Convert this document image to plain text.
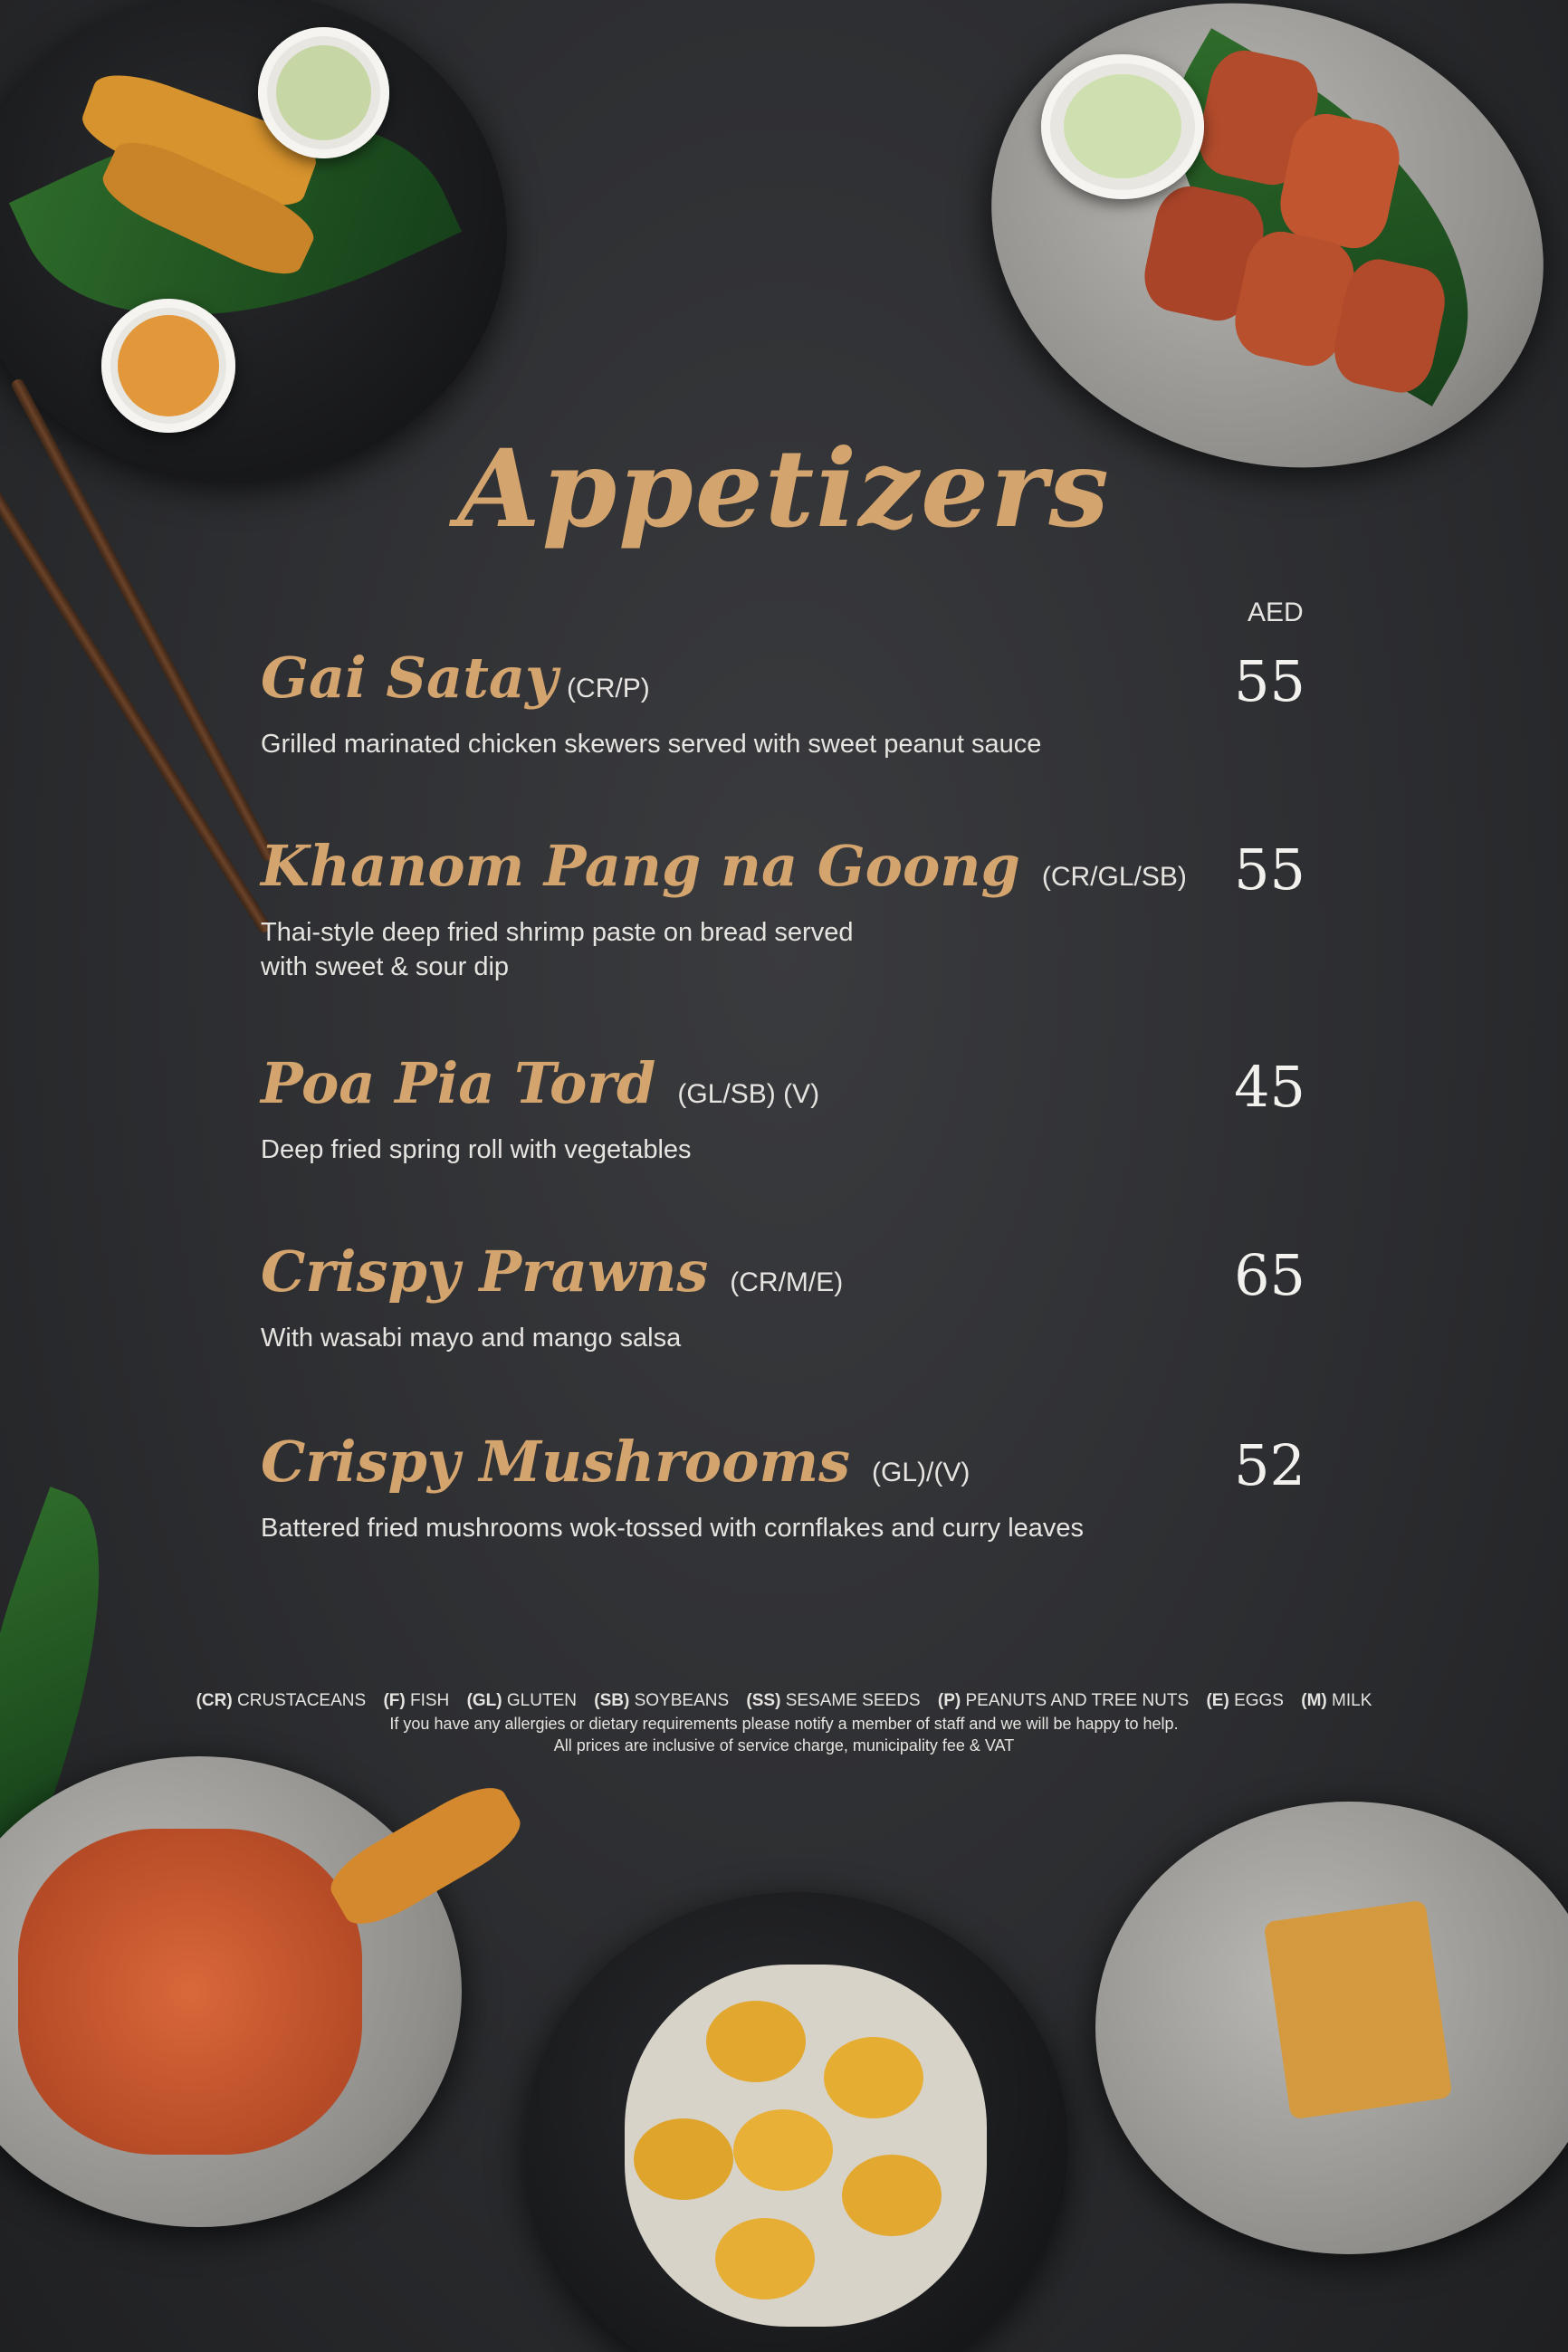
Appetizers
AED
Gai Satay (CR/P)	55
Grilled marinated chicken skewers served with sweet peanut sauce
Khanom Pang na Goong (CR/GL/SB) 55
Thai-style deep fried shrimp paste on bread served
with sweet & sour dip
Poa Pia Tord (GL/SB) (V)	45
Deep fried spring roll with vegetables
Crispy Prawns (CR/M/E)	65
With wasabi mayo and mango salsa
Crispy Mushrooms (GL)/(V)	52
Battered fried mushrooms wok-tossed with cornflakes and curry leaves
(CR) CRUSTACEANS (F) FISH (GL) GLUTEN (SB) SOYBEANS (SS) SESAME SEEDS (P) PEANUTS AND TREE NUTS (E) EGGS (M) MILK
If you have any allergies or dietary requirements please notify a member of staff and we will be happy to help.
All prices are inclusive of service charge, municipality fee & VAT
